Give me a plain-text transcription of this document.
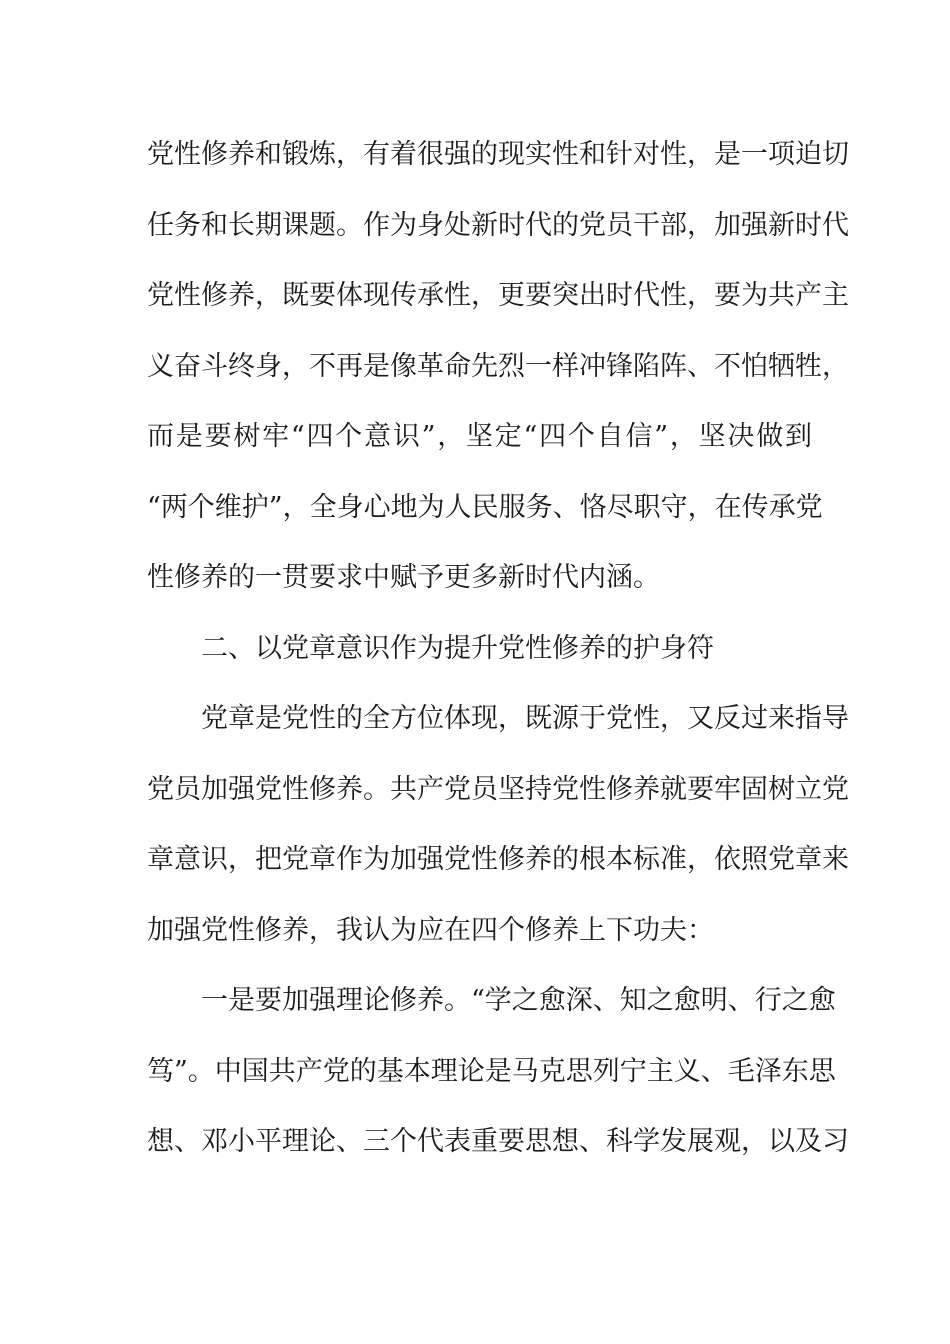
党性修养和锻炼，有着很强的现实性和针对性，是一项迫切
任务和长期课题。作为身处新时代的党员干部，加强新时代
党性修养，既要体现传承性，更要突出时代性，要为共产主
义奋斗终身，不再是像革命先烈一样冲锋陷阵、不怕牺牲，
而是要树牢“四个意识”，坚定“四个自信”，坚决做到
“两个维护”，全身心地为人民服务、恪尽职守，在传承党
性修养的一贯要求中赋予更多新时代内涵。
二、以党章意识作为提升党性修养的护身符
党章是党性的全方位体现，既源于党性，又反过来指导
党员加强党性修养。共产党员坚持党性修养就要牢固树立党
章意识，把党章作为加强党性修养的根本标准，依照党章来
加强党性修养，我认为应在四个修养上下功夫：
一是要加强理论修养。“学之愈深、知之愈明、行之愈
笃”。中国共产党的基本理论是马克思列宁主义、毛泽东思
想、邓小平理论、三个代表重要思想、科学发展观，以及习
